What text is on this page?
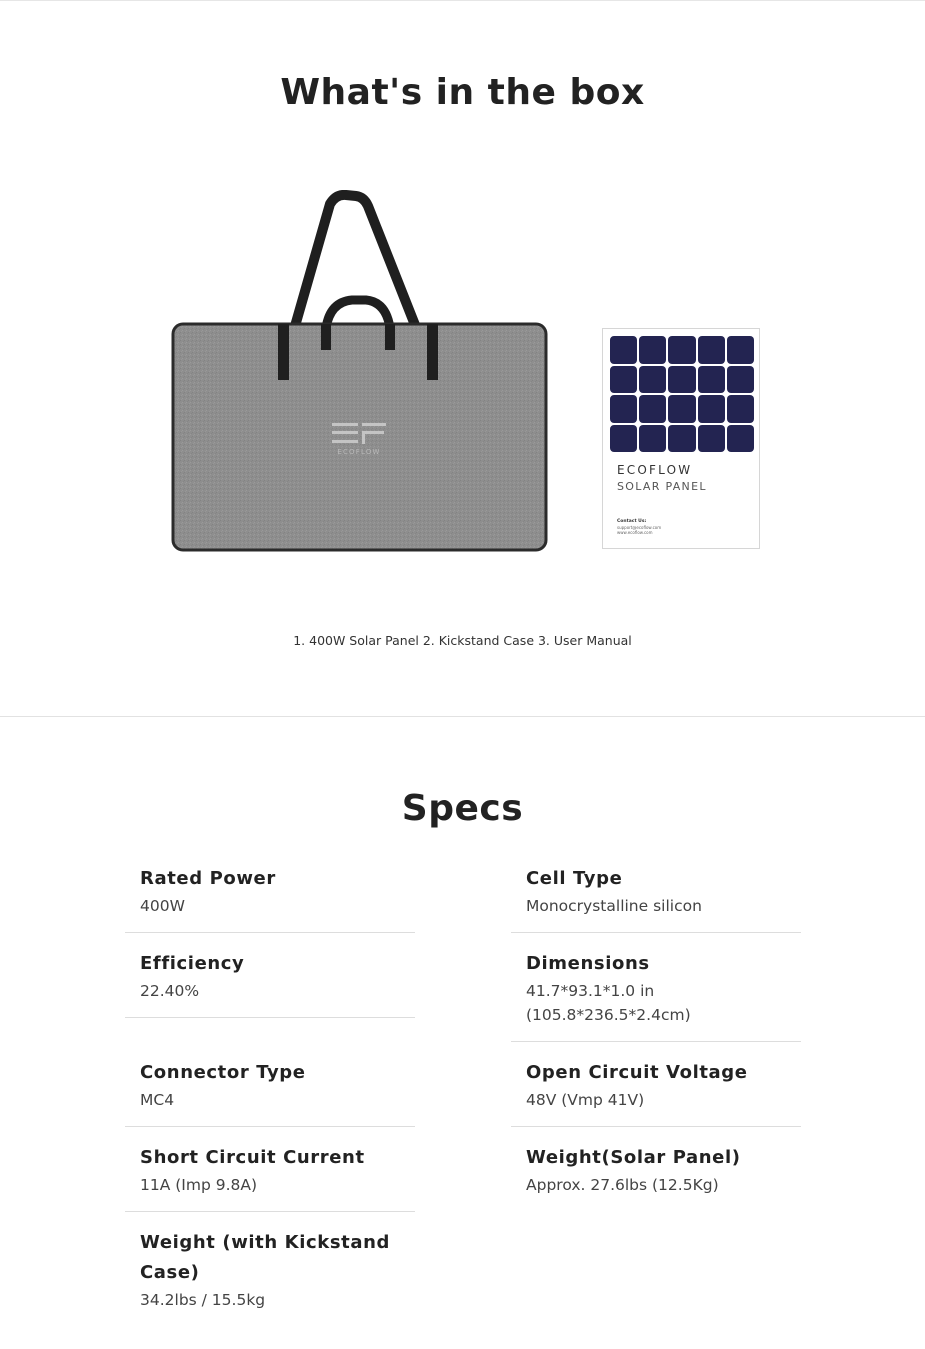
What's in the box
ECOFLOW
ECOFLOW
SOLAR PANEL
Contact Us:
support@ecoflow.com
www.ecoflow.com
1. 400W Solar Panel 2. Kickstand Case 3. User Manual
Specs
Rated Power
400W
Efficiency
22.40%
Connector Type
MC4
Short Circuit Current
11A (Imp 9.8A)
Weight (with Kickstand Case)
34.2lbs / 15.5kg
Cell Type
Monocrystalline silicon
Dimensions
41.7*93.1*1.0 in (105.8*236.5*2.4cm)
Open Circuit Voltage
48V (Vmp 41V)
Weight(Solar Panel)
Approx. 27.6lbs (12.5Kg)
